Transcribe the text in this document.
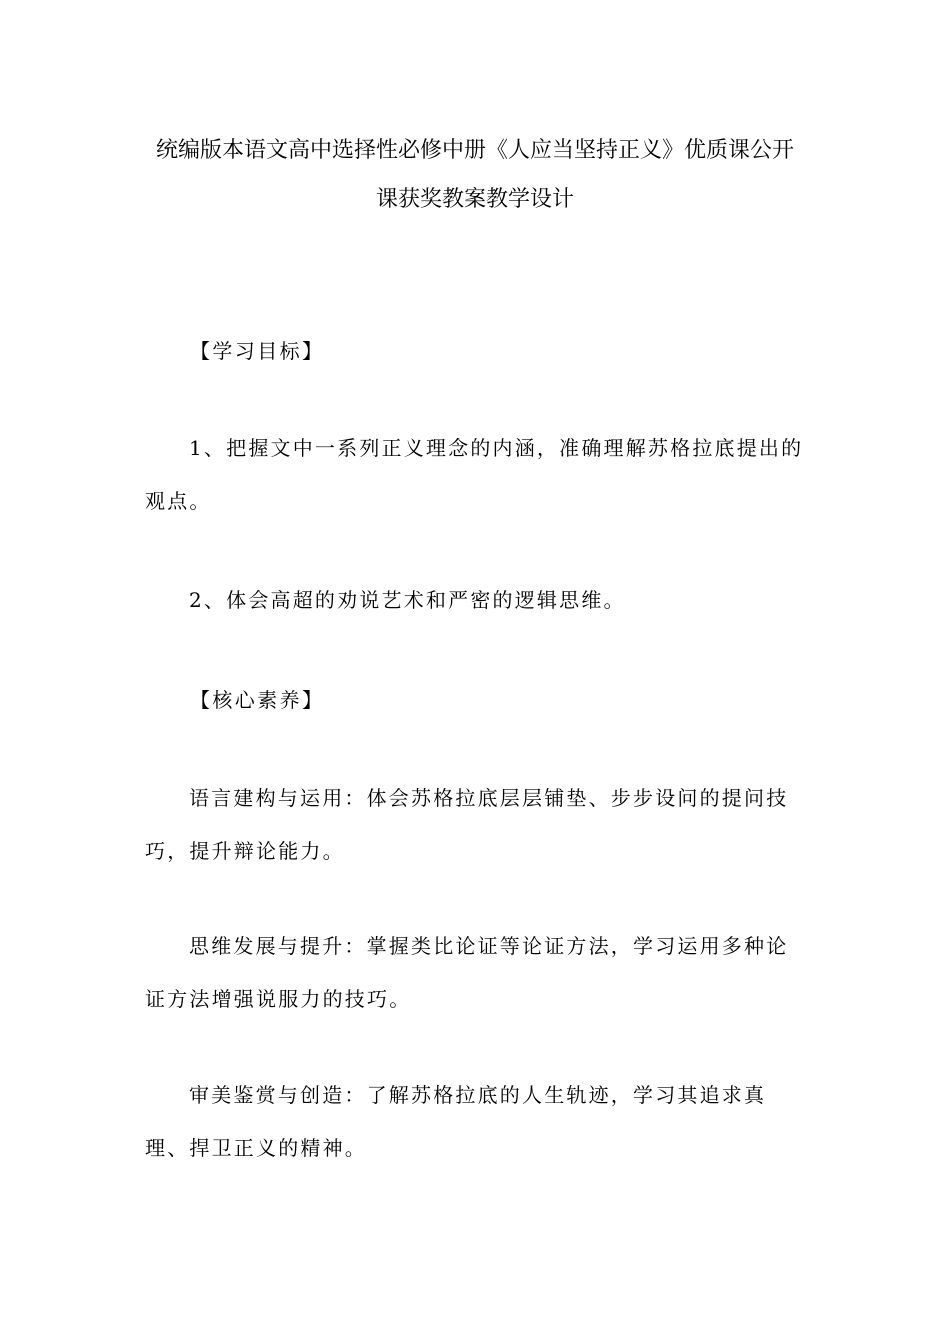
统编版本语文高中选择性必修中册《人应当坚持正义》优质课公开
课获奖教案教学设计

【学习目标】

1、把握文中一系列正义理念的内涵，准确理解苏格拉底提出的观点。

2、体会高超的劝说艺术和严密的逻辑思维。

【核心素养】

语言建构与运用：体会苏格拉底层层铺垫、步步设问的提问技巧，提升辩论能力。

思维发展与提升：掌握类比论证等论证方法，学习运用多种论证方法增强说服力的技巧。

审美鉴赏与创造：了解苏格拉底的人生轨迹，学习其追求真理、捍卫正义的精神。
